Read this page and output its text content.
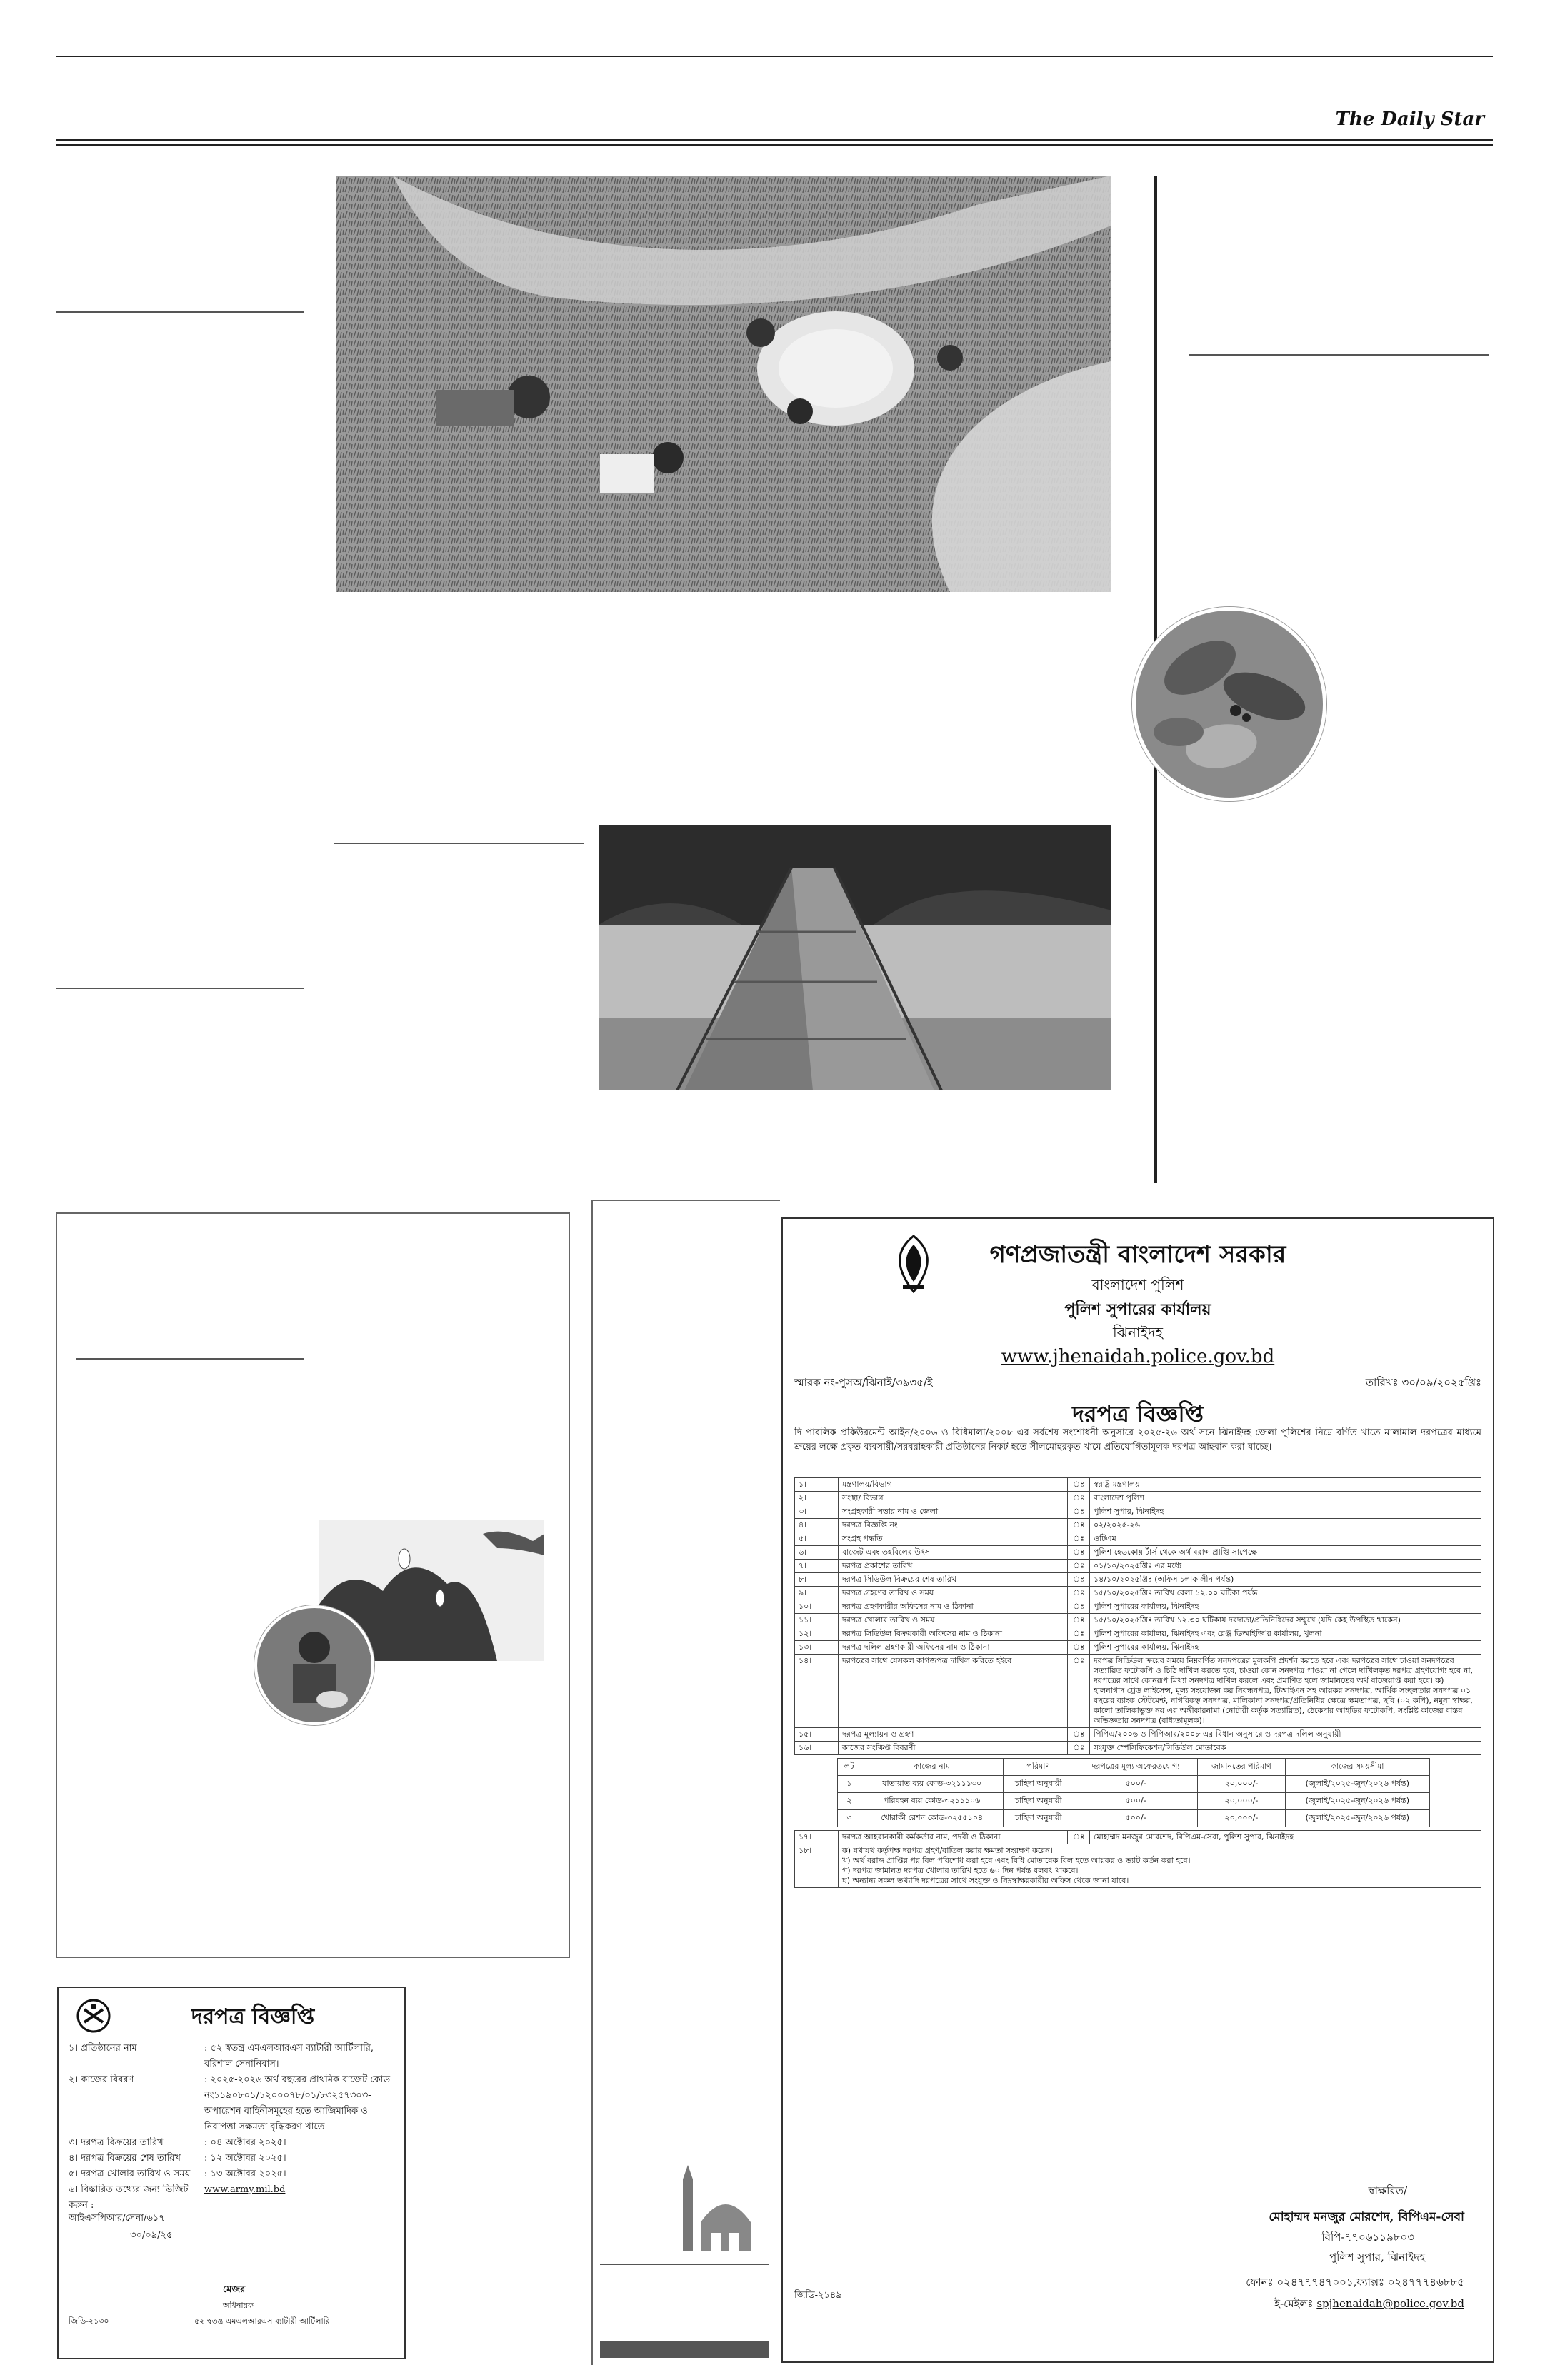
The Daily Star
গণপ্রজাতন্ত্রী বাংলাদেশ সরকার
বাংলাদেশ পুলিশ
পুলিশ সুপারের কার্যালয়
ঝিনাইদহ
www.jhenaidah.police.gov.bd
স্মারক নং-পুসঅ/ঝিনাই/৩৯৩৫/ই	তারিখঃ ৩০/০৯/২০২৫খ্রিঃ
দরপত্র বিজ্ঞপ্তি
দি পাবলিক প্রকিউরমেন্ট আইন/২০০৬ ও বিধিমালা/২০০৮ এর সর্বশেষ সংশোধনী অনুসারে ২০২৫-২৬ অর্থ সনে ঝিনাইদহ জেলা পুলিশের নিম্নে বর্ণিত খাতে মালামাল দরপত্রের মাধ্যমে ক্রয়ের লক্ষে প্রকৃত ব্যবসায়ী/সরবরাহকারী প্রতিষ্ঠানের নিকট হতে সীলমোহরকৃত খামে প্রতিযোগিতামূলক দরপত্র আহবান করা যাচ্ছে।
১।	মন্ত্রণালয়/বিভাগ	ঃ	স্বরাষ্ট্র মন্ত্রণালয়
২।	সংস্থা/ বিভাগ	ঃ	বাংলাদেশ পুলিশ
৩।	সংগ্রহকারী সত্তার নাম ও জেলা	ঃ	পুলিশ সুপার, ঝিনাইদহ
৪।	দরপত্র বিজ্ঞপ্তি নং	ঃ	০২/২০২৫-২৬
৫।	সংগ্রহ পদ্ধতি	ঃ	ওটিএম
৬।	বাজেট এবং তহবিলের উৎস	ঃ	পুলিশ হেডকোয়ার্টার্স থেকে অর্থ বরাদ্দ প্রাপ্তি সাপেক্ষে
৭।	দরপত্র প্রকাশের তারিখ	ঃ	০১/১০/২০২৫খ্রিঃ এর মধ্যে
৮।	দরপত্র সিডিউল বিক্রয়ের শেষ তারিখ	ঃ	১৪/১০/২০২৫খ্রিঃ (অফিস চলাকালীন পর্যন্ত)
৯।	দরপত্র গ্রহণের তারিখ ও সময়	ঃ	১৫/১০/২০২৫খ্রিঃ তারিখ বেলা ১২.০০ ঘটিকা পর্যন্ত
১০।	দরপত্র গ্রহণকারীর অফিসের নাম ও ঠিকানা	ঃ	পুলিশ সুপারের কার্যালয়, ঝিনাইদহ
১১।	দরপত্র খোলার তারিখ ও সময়	ঃ	১৫/১০/২০২৫খ্রিঃ তারিখ ১২.৩০ ঘটিকায় দরদাতা/প্রতিনিধিদের সম্মুখে (যদি কেহ উপস্থিত থাকেন)
১২।	দরপত্র সিডিউল বিক্রয়কারী অফিসের নাম ও ঠিকানা	ঃ	পুলিশ সুপারের কার্যালয়, ঝিনাইদহ এবং রেঞ্জ ডিআইজি'র কার্যালয়, খুলনা
১৩।	দরপত্র দলিল গ্রহণকারী অফিসের নাম ও ঠিকানা	ঃ	পুলিশ সুপারের কার্যালয়, ঝিনাইদহ
১৪।	দরপত্রের সাথে যেসকল কাগজপত্র দাখিল করিতে হইবে	ঃ	দরপত্র সিডিউল ক্রয়ের সময়ে নিম্নবর্ণিত সনদপত্রের মূলকপি প্রদর্শন করতে হবে এবং দরপত্রের সাথে চাওয়া সনদপত্রের সত্যায়িত ফটোকপি ও চিঠি দাখিল করতে হবে, চাওয়া কোন সনদপত্র পাওয়া না গেলে দাখিলকৃত দরপত্র গ্রহণযোগ্য হবে না, দরপত্রের সাথে কোনরূপ মিথ্যা সনদপত্র দাখিল করলে এবং প্রমাণিত হলে জামানতের অর্থ বাজেয়াপ্ত করা হবে। ক) হালনাগাদ ট্রেড লাইসেন্স, মূল্য সংযোজন কর নিবন্ধনপত্র, টিআইএন সহ আয়কর সনদপত্র, আর্থিক সচ্ছলতার সনদপত্র ০১ বছরের ব্যাংক স্টেটমেন্ট, নাগরিকত্ব সনদপত্র, মালিকানা সনদপত্র/প্রতিনিধির ক্ষেত্রে ক্ষমতাপত্র, ছবি (০২ কপি), নমুনা স্বাক্ষর, কালো তালিকাভুক্ত নয় এর অঙ্গীকারনামা (নোটারী কর্তৃক সত্যায়িত), ঠেকেদার আইডির ফটোকপি, সংশ্লিষ্ট কাজের বাস্তব অভিজ্ঞতার সনদপত্র (বাধ্যতামূলক)।
১৫।	দরপত্র মূল্যায়ন ও গ্রহণ	ঃ	পিপিএ/২০০৬ ও পিপিআর/২০০৮ এর বিধান অনুসারে ও দরপত্র দলিল অনুযায়ী
১৬।	কাজের সংক্ষিপ্ত বিবরণী	ঃ	সংযুক্ত স্পেসিফিকেশন/সিডিউল মোতাবেক
লট	কাজের নাম	পরিমাণ	দরপত্রের মূল্য অফেরতযোগ্য	জামানতের পরিমাণ	কাজের সময়সীমা
১	যাতায়াত ব্যয় কোড-৩২১১১৩০	চাহিদা অনুযায়ী	৫০০/-	২০,০০০/-	(জুলাই/২০২৫-জুন/২০২৬ পর্যন্ত)
২	পরিবহন ব্যয় কোড-৩২১১১০৬	চাহিদা অনুযায়ী	৫০০/-	২০,০০০/-	(জুলাই/২০২৫-জুন/২০২৬ পর্যন্ত)
৩	খোরাকী রেশন কোড-৩২৫৫১০৪	চাহিদা অনুযায়ী	৫০০/-	২০,০০০/-	(জুলাই/২০২৫-জুন/২০২৬ পর্যন্ত)
১৭।	দরপত্র আহবানকারী কর্মকর্তার নাম, পদবী ও ঠিকানা	ঃ	মোহাম্মদ মনজুর মোরশেদ, বিপিএম-সেবা, পুলিশ সুপার, ঝিনাইদহ
১৮।	ক) যথাযথ কর্তৃপক্ষ দরপত্র গ্রহণ/বাতিল করার ক্ষমতা সংরক্ষণ করেন।
খ) অর্থ বরাদ্দ প্রাপ্তির পর বিল পরিশোধ করা হবে এবং বিধি মোতাবেক বিল হতে আয়কর ও ভ্যাট কর্তন করা হবে।
গ) দরপত্র জামানত দরপত্র খোলার তারিখ হতে ৬০ দিন পর্যন্ত বলবৎ থাকবে।
ঘ) অন্যান্য সকল তথ্যাদি দরপত্রের সাথে সংযুক্ত ও নিম্নস্বাক্ষরকারীর অফিস থেকে জানা যাবে।		
স্বাক্ষরিত/
মোহাম্মদ মনজুর মোরশেদ, বিপিএম-সেবা
বিপি-৭৭০৬১১৯৮০৩
পুলিশ সুপার, ঝিনাইদহ
ফোনঃ ০২৪৭৭৭৪৭০০১,ফ্যাক্সঃ ০২৪৭৭৭৪৬৮৮৫
ই-মেইলঃ spjhenaidah@police.gov.bd
জিডি-২১৪৯
দরপত্র বিজ্ঞপ্তি
১। প্রতিষ্ঠানের নাম	: ৫২ স্বতন্ত্র এমএলআরএস ব্যাটারী আর্টিলারি, বরিশাল সেনানিবাস।
২। কাজের বিবরণ	: ২০২৫-২০২৬ অর্থ বছরের প্রাথমিক বাজেট কোড নং১১৯০৮০১/১২০০০৭৮/০১/৮৩২৫৭৩০৩- অপারেশন বাহিনীসমূহের হতে আজিমাদিক ও নিরাপত্তা সক্ষমতা বৃদ্ধিকরণ খাতে
৩। দরপত্র বিক্রয়ের তারিখ	: ০৪ অক্টোবর ২০২৫।
৪। দরপত্র বিক্রয়ের শেষ তারিখ	: ১২ অক্টোবর ২০২৫।
৫। দরপত্র খোলার তারিখ ও সময়	: ১৩ অক্টোবর ২০২৫।
৬। বিস্তারিত তথ্যের জন্য ভিজিট করুন :
www.army.mil.bd
আইএসপিআর/সেনা/৬১৭
৩০/০৯/২৫
মেজর
অধিনায়ক
৫২ স্বতন্ত্র এমএলআরএস ব্যাটারী আর্টিলারি
জিডি-২১৩০
